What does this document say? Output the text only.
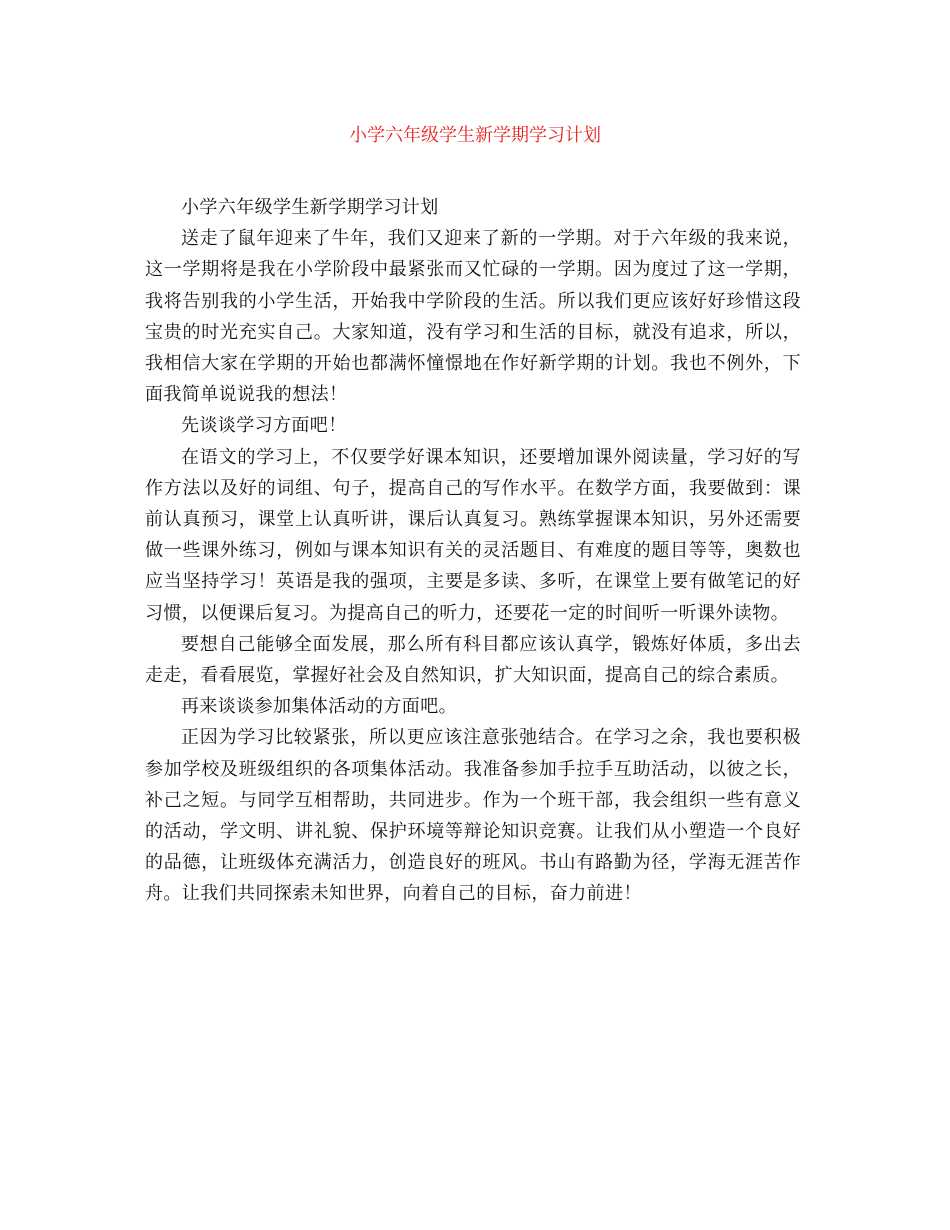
小学六年级学生新学期学习计划

小学六年级学生新学期学习计划

送走了鼠年迎来了牛年，我们又迎来了新的一学期。对于六年级的我来说，这一学期将是我在小学阶段中最紧张而又忙碌的一学期。因为度过了这一学期，我将告别我的小学生活，开始我中学阶段的生活。所以我们更应该好好珍惜这段宝贵的时光充实自己。大家知道，没有学习和生活的目标，就没有追求，所以，我相信大家在学期的开始也都满怀憧憬地在作好新学期的计划。我也不例外，下面我简单说说我的想法！

先谈谈学习方面吧！

在语文的学习上，不仅要学好课本知识，还要增加课外阅读量，学习好的写作方法以及好的词组、句子，提高自己的写作水平。在数学方面，我要做到：课前认真预习，课堂上认真听讲，课后认真复习。熟练掌握课本知识，另外还需要做一些课外练习，例如与课本知识有关的灵活题目、有难度的题目等等，奥数也应当坚持学习！英语是我的强项，主要是多读、多听，在课堂上要有做笔记的好习惯，以便课后复习。为提高自己的听力，还要花一定的时间听一听课外读物。

要想自己能够全面发展，那么所有科目都应该认真学，锻炼好体质，多出去走走，看看展览，掌握好社会及自然知识，扩大知识面，提高自己的综合素质。

再来谈谈参加集体活动的方面吧。

正因为学习比较紧张，所以更应该注意张弛结合。在学习之余，我也要积极参加学校及班级组织的各项集体活动。我准备参加手拉手互助活动，以彼之长，补己之短。与同学互相帮助，共同进步。作为一个班干部，我会组织一些有意义的活动，学文明、讲礼貌、保护环境等辩论知识竞赛。让我们从小塑造一个良好的品德，让班级体充满活力，创造良好的班风。书山有路勤为径，学海无涯苦作舟。让我们共同探索未知世界，向着自己的目标，奋力前进！
